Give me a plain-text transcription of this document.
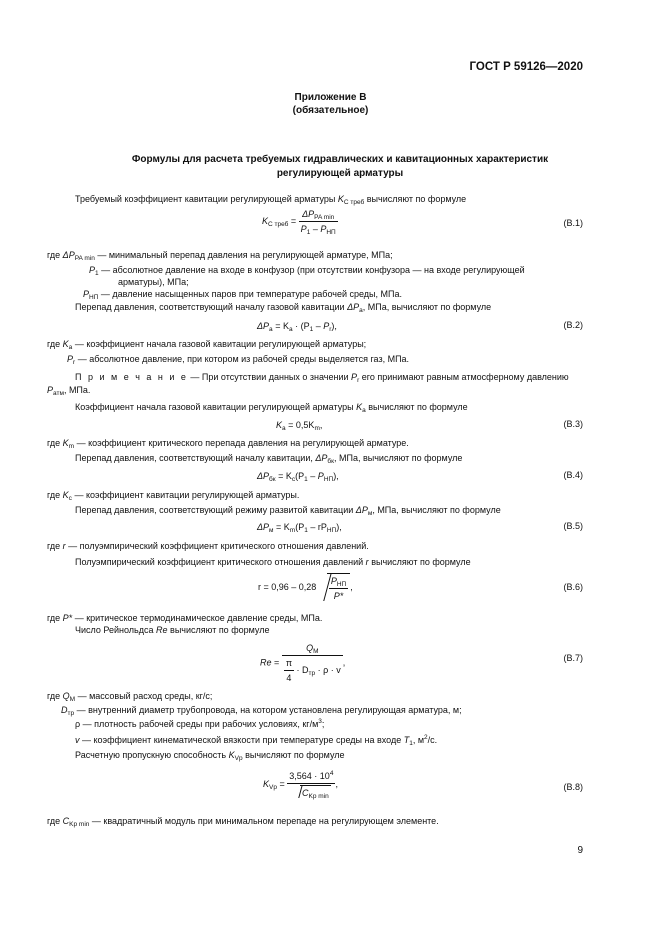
ГОСТ Р 59126—2020
Приложение В
(обязательное)
Формулы для расчета требуемых гидравлических и кавитационных характеристик
регулирующей арматуры
Требуемый коэффициент кавитации регулирующей арматуры $K_{С треб}$ вычисляют по формуле
$K_{С треб} = \frac{\Delta P_{PA min}}{P_1 - P_{НП}}$	(В.1)
где $\Delta P_{PA min}$ — минимальный перепад давления на регулирующей арматуре, МПа;
$P_1$ — абсолютное давление на входе в конфузор (при отсутствии конфузора — на входе регулирующей
арматуры), МПа;
$P_{НП}$ — давление насыщенных паров при температуре рабочей среды, МПа.
Перепад давления, соответствующий началу газовой кавитации $\Delta P_а$, МПа, вычисляют по формуле
$\Delta P_а = K_а \cdot (P_1 - P_r)$,	(В.2)
где $K_а$ — коэффициент начала газовой кавитации регулирующей арматуры;
$P_r$ — абсолютное давление, при котором из рабочей среды выделяется газ, МПа.
П р и м е ч а н и е — При отсутствии данных о значении $P_r$ его принимают равным атмосферному давлению
$P_{атм}$, МПа.
Коэффициент начала газовой кавитации регулирующей арматуры $K_а$ вычисляют по формуле
$K_а = 0,5K_m$,	(В.3)
где $K_m$ — коэффициент критического перепада давления на регулирующей арматуре.
Перепад давления, соответствующий началу кавитации, $\Delta P_{бк}$, МПа, вычисляют по формуле
$\Delta P_{бк} = K_c(P_1 - P_{НП})$,	(В.4)
где $K_c$ — коэффициент кавитации регулирующей арматуры.
Перепад давления, соответствующий режиму развитой кавитации $\Delta P_м$, МПа, вычисляют по формуле
$\Delta P_м = K_m(P_1 - rP_{НП})$,	(В.5)
где r — полуэмпирический коэффициент критического отношения давлений.
Полуэмпирический коэффициент критического отношения давлений r вычисляют по формуле
$r = 0,96 - 0,28 \frac{P_{НП}}{P*}$ ,	(В.6)
где P* — критическое термодинамическое давление среды, МПа.
Число Рейнольдса Re вычисляют по формуле
$Re = \frac{Q_М}{\frac{\pi}{4} \cdot D_{тр} \cdot \rho \cdot v}$ ,	(В.7)
где $Q_М$ — массовый расход среды, кг/с;
$D_{тр}$ — внутренний диаметр трубопровода, на котором установлена регулирующая арматура, м;
ρ — плотность рабочей среды при рабочих условиях, $кг/м^3$;
v — коэффициент кинематической вязкости при температуре среды на входе $T_1$, $м^2/c$.
Расчетную пропускную способность $K_{Vр}$ вычисляют по формуле
$K_{Vр} = \frac{3,564 \cdot 10^4}{C_{Kp min}}$ ,	(В.8)
где $C_{Kp min}$ — квадратичный модуль при минимальном перепаде на регулирующем элементе.
9
